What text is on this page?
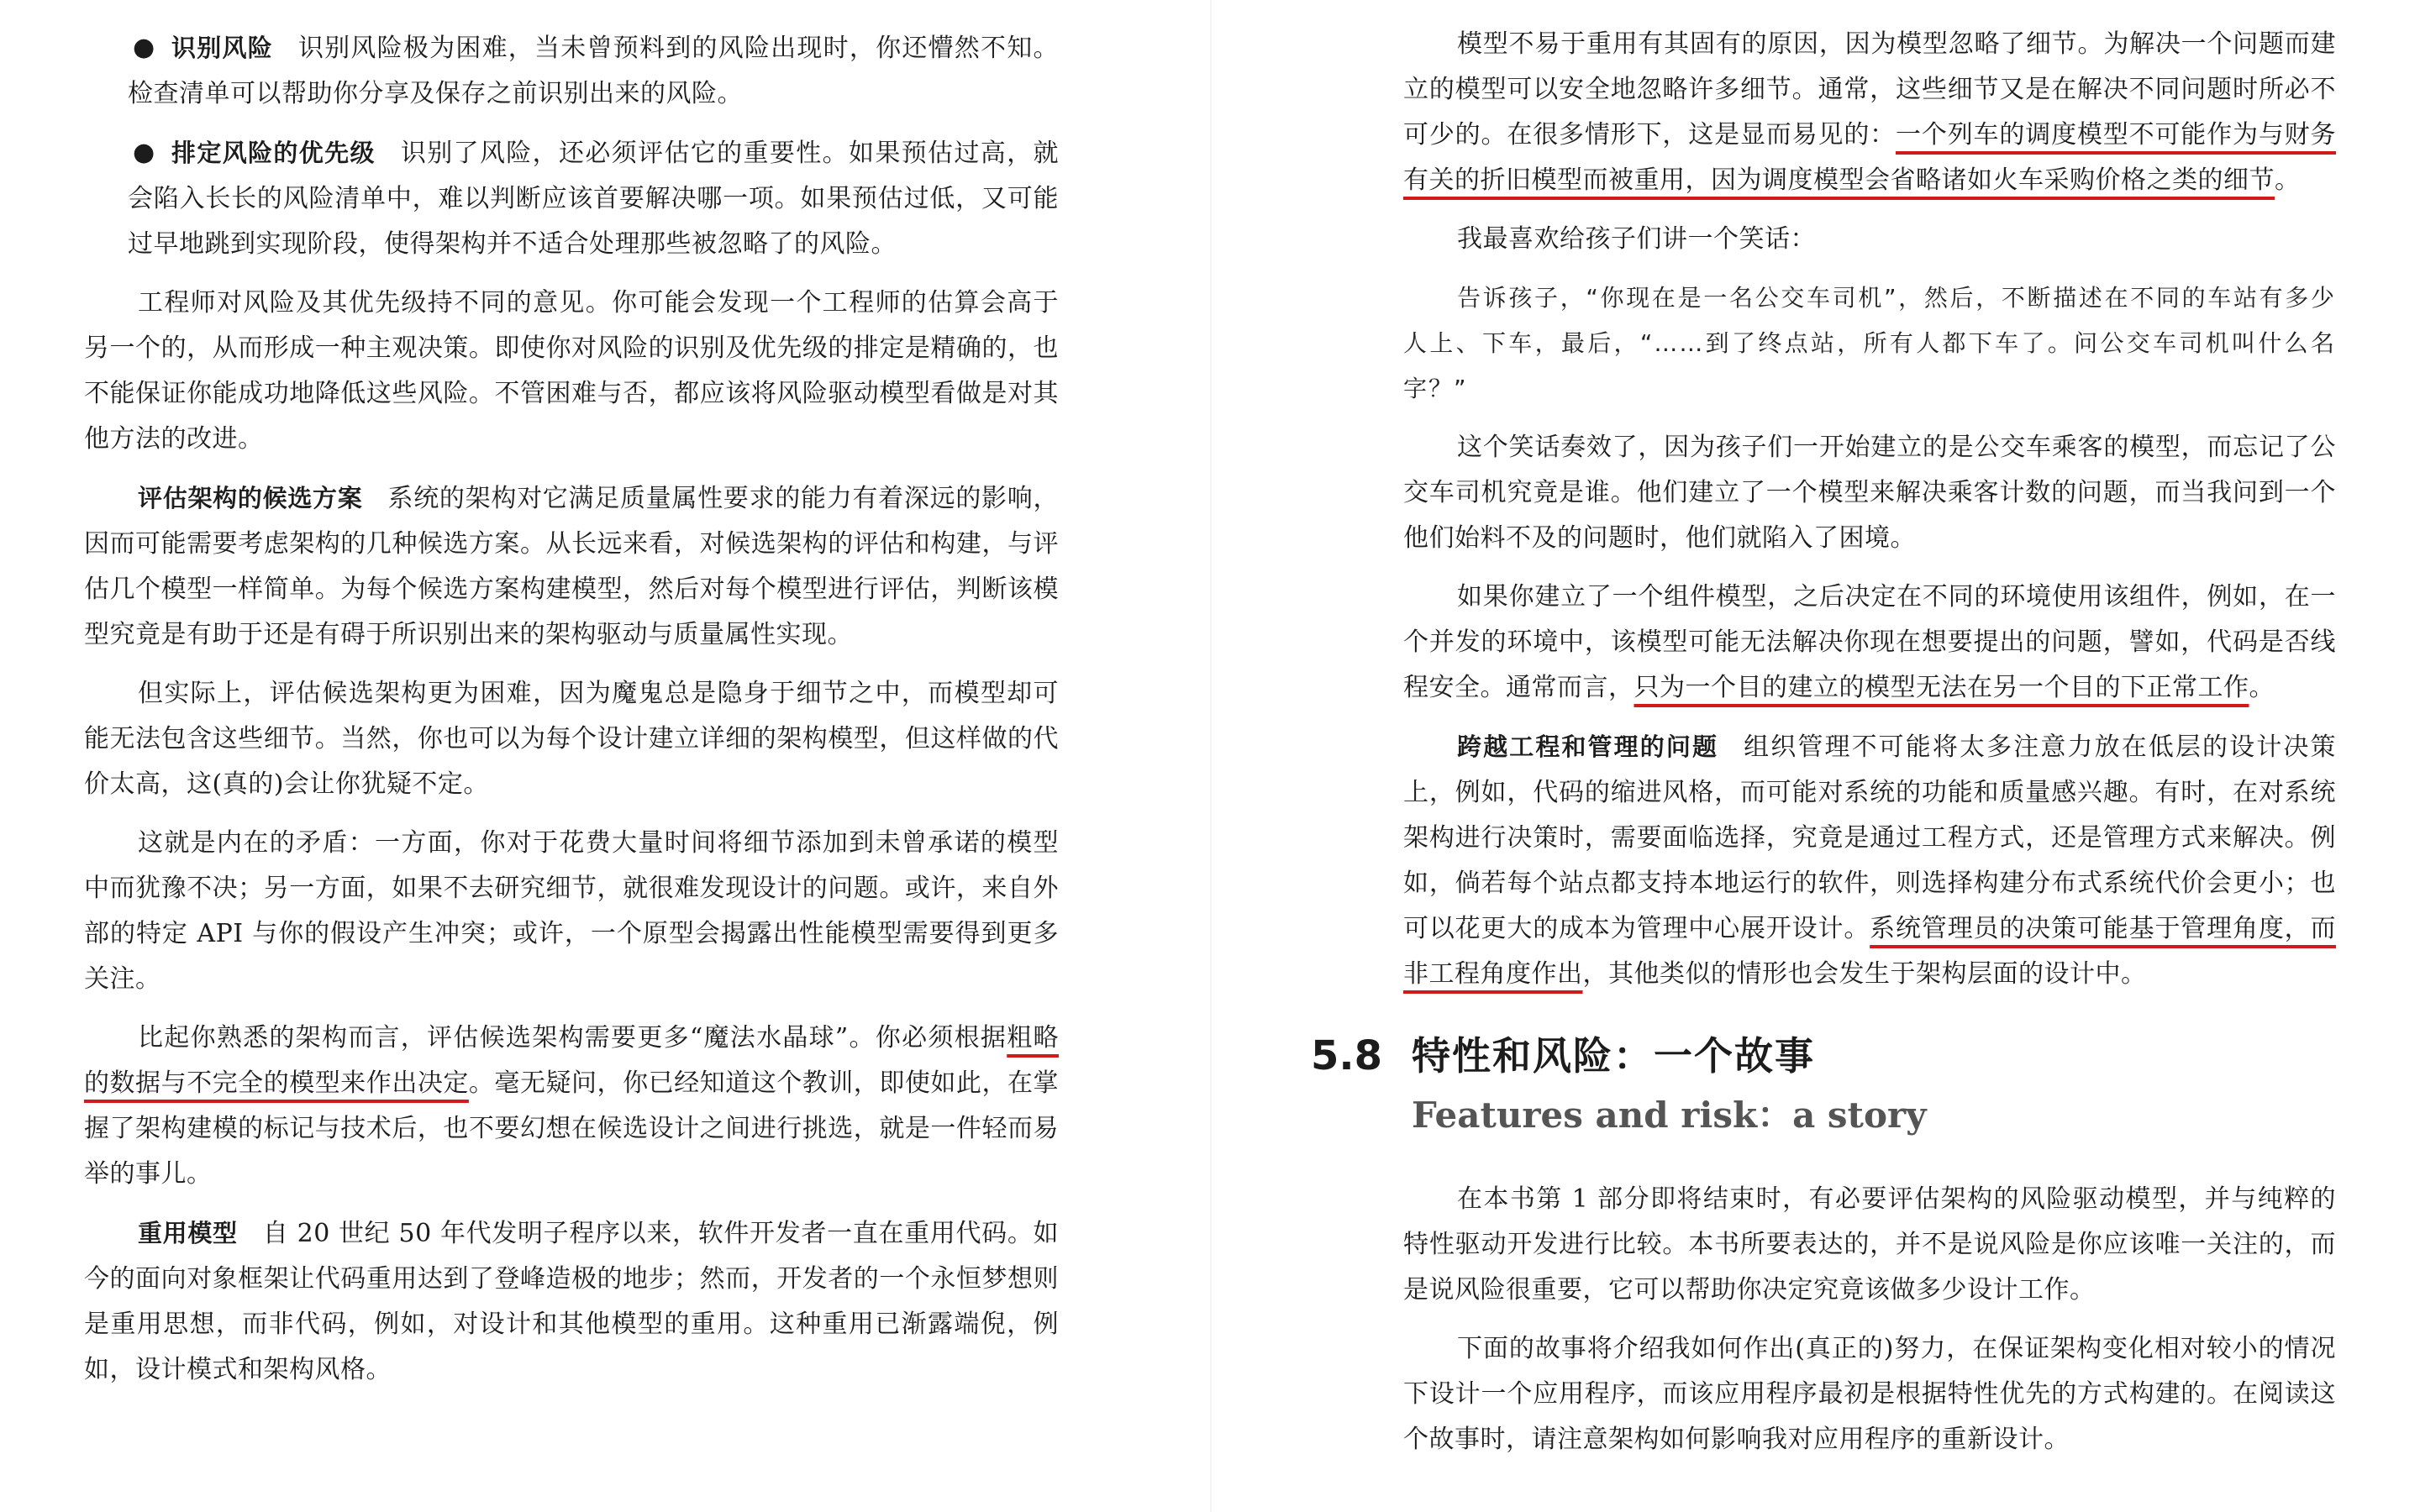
● 识别风险 识别风险极为困难，当未曾预料到的风险出现时，你还懵然不知。检查清单可以帮助你分享及保存之前识别出来的风险。

● 排定风险的优先级 识别了风险，还必须评估它的重要性。如果预估过高，就会陷入长长的风险清单中，难以判断应该首要解决哪一项。如果预估过低，又可能过早地跳到实现阶段，使得架构并不适合处理那些被忽略了的风险。

工程师对风险及其优先级持不同的意见。你可能会发现一个工程师的估算会高于另一个的，从而形成一种主观决策。即使你对风险的识别及优先级的排定是精确的，也不能保证你能成功地降低这些风险。不管困难与否，都应该将风险驱动模型看做是对其他方法的改进。

评估架构的候选方案 系统的架构对它满足质量属性要求的能力有着深远的影响，因而可能需要考虑架构的几种候选方案。从长远来看，对候选架构的评估和构建，与评估几个模型一样简单。为每个候选方案构建模型，然后对每个模型进行评估，判断该模型究竟是有助于还是有碍于所识别出来的架构驱动与质量属性实现。

但实际上，评估候选架构更为困难，因为魔鬼总是隐身于细节之中，而模型却可能无法包含这些细节。当然，你也可以为每个设计建立详细的架构模型，但这样做的代价太高，这(真的)会让你犹疑不定。

这就是内在的矛盾：一方面，你对于花费大量时间将细节添加到未曾承诺的模型中而犹豫不决；另一方面，如果不去研究细节，就很难发现设计的问题。或许，来自外部的特定 API 与你的假设产生冲突；或许，一个原型会揭露出性能模型需要得到更多关注。

比起你熟悉的架构而言，评估候选架构需要更多“魔法水晶球”。你必须根据粗略的数据与不完全的模型来作出决定。毫无疑问，你已经知道这个教训，即使如此，在掌握了架构建模的标记与技术后，也不要幻想在候选设计之间进行挑选，就是一件轻而易举的事儿。

重用模型 自 20 世纪 50 年代发明子程序以来，软件开发者一直在重用代码。如今的面向对象框架让代码重用达到了登峰造极的地步；然而，开发者的一个永恒梦想则是重用思想，而非代码，例如，对设计和其他模型的重用。这种重用已渐露端倪，例如，设计模式和架构风格。

模型不易于重用有其固有的原因，因为模型忽略了细节。为解决一个问题而建立的模型可以安全地忽略许多细节。通常，这些细节又是在解决不同问题时所必不可少的。在很多情形下，这是显而易见的：一个列车的调度模型不可能作为与财务有关的折旧模型而被重用，因为调度模型会省略诸如火车采购价格之类的细节。

我最喜欢给孩子们讲一个笑话：

告诉孩子，“你现在是一名公交车司机”，然后，不断描述在不同的车站有多少人上、下车，最后，“……到了终点站，所有人都下车了。问公交车司机叫什么名字？”

这个笑话奏效了，因为孩子们一开始建立的是公交车乘客的模型，而忘记了公交车司机究竟是谁。他们建立了一个模型来解决乘客计数的问题，而当我问到一个他们始料不及的问题时，他们就陷入了困境。

如果你建立了一个组件模型，之后决定在不同的环境使用该组件，例如，在一个并发的环境中，该模型可能无法解决你现在想要提出的问题，譬如，代码是否线程安全。通常而言，只为一个目的建立的模型无法在另一个目的下正常工作。

跨越工程和管理的问题 组织管理不可能将太多注意力放在低层的设计决策上，例如，代码的缩进风格，而可能对系统的功能和质量感兴趣。有时，在对系统架构进行决策时，需要面临选择，究竟是通过工程方式，还是管理方式来解决。例如，倘若每个站点都支持本地运行的软件，则选择构建分布式系统代价会更小；也可以花更大的成本为管理中心展开设计。系统管理员的决策可能基于管理角度，而非工程角度作出，其他类似的情形也会发生于架构层面的设计中。

5.8 特性和风险：一个故事
Features and risk：a story

在本书第 1 部分即将结束时，有必要评估架构的风险驱动模型，并与纯粹的特性驱动开发进行比较。本书所要表达的，并不是说风险是你应该唯一关注的，而是说风险很重要，它可以帮助你决定究竟该做多少设计工作。

下面的故事将介绍我如何作出(真正的)努力，在保证架构变化相对较小的情况下设计一个应用程序，而该应用程序最初是根据特性优先的方式构建的。在阅读这个故事时，请注意架构如何影响我对应用程序的重新设计。
